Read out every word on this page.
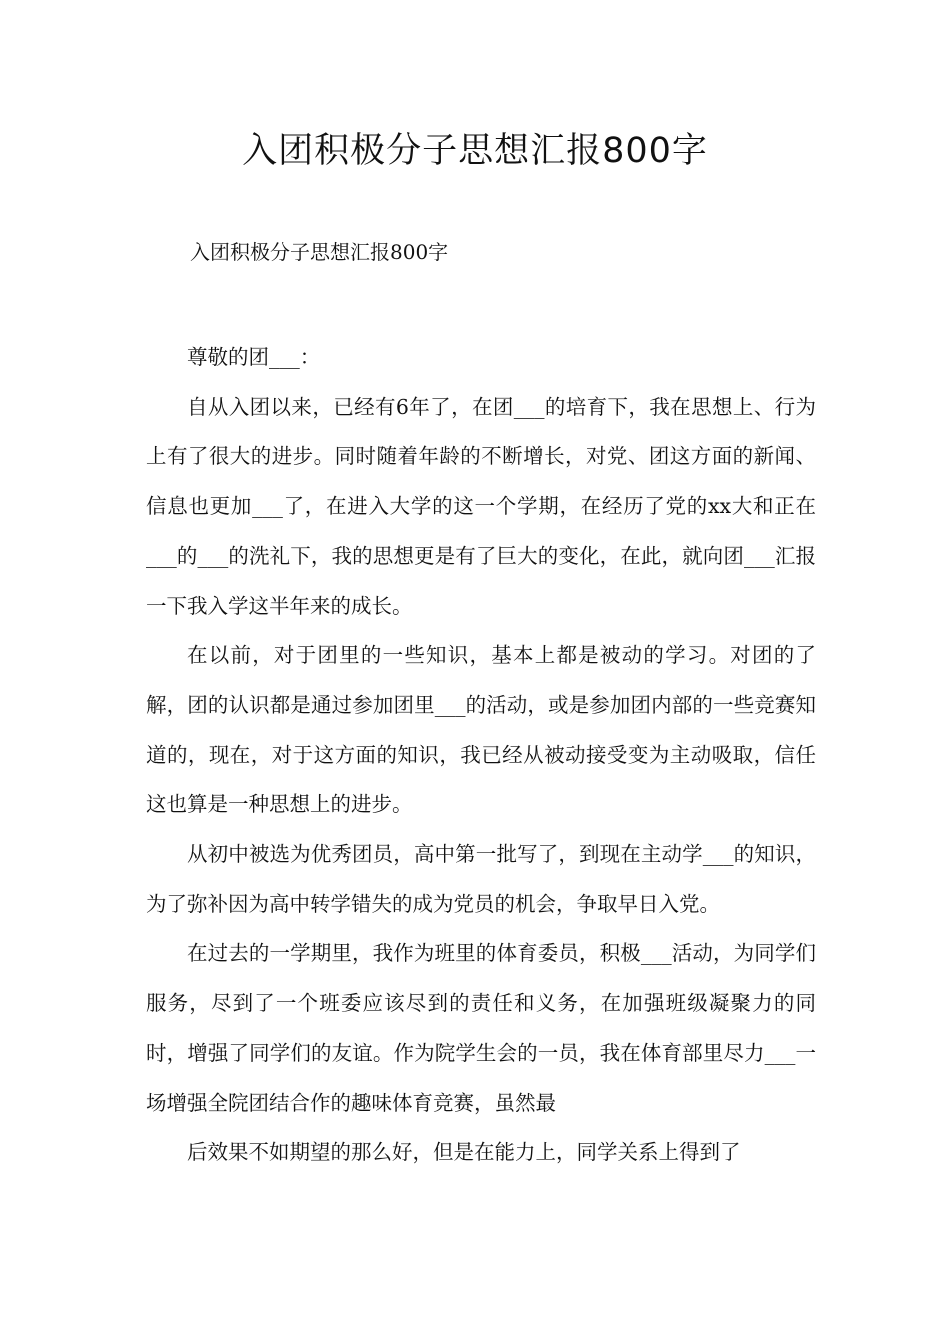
入团积极分子思想汇报800字

入团积极分子思想汇报800字

尊敬的团___：

自从入团以来，已经有6年了，在团___的培育下，我在思想上、行为上有了很大的进步。同时随着年龄的不断增长，对党、团这方面的新闻、信息也更加___了，在进入大学的这一个学期，在经历了党的xx大和正在___的___的洗礼下，我的思想更是有了巨大的变化，在此，就向团___汇报一下我入学这半年来的成长。

在以前，对于团里的一些知识，基本上都是被动的学习。对团的了解，团的认识都是通过参加团里___的活动，或是参加团内部的一些竞赛知道的，现在，对于这方面的知识，我已经从被动接受变为主动吸取，信任这也算是一种思想上的进步。

从初中被选为优秀团员，高中第一批写了，到现在主动学___的知识，为了弥补因为高中转学错失的成为党员的机会，争取早日入党。

在过去的一学期里，我作为班里的体育委员，积极___活动，为同学们服务，尽到了一个班委应该尽到的责任和义务，在加强班级凝聚力的同时，增强了同学们的友谊。作为院学生会的一员，我在体育部里尽力___一场增强全院团结合作的趣味体育竞赛，虽然最

后效果不如期望的那么好，但是在能力上，同学关系上得到了
